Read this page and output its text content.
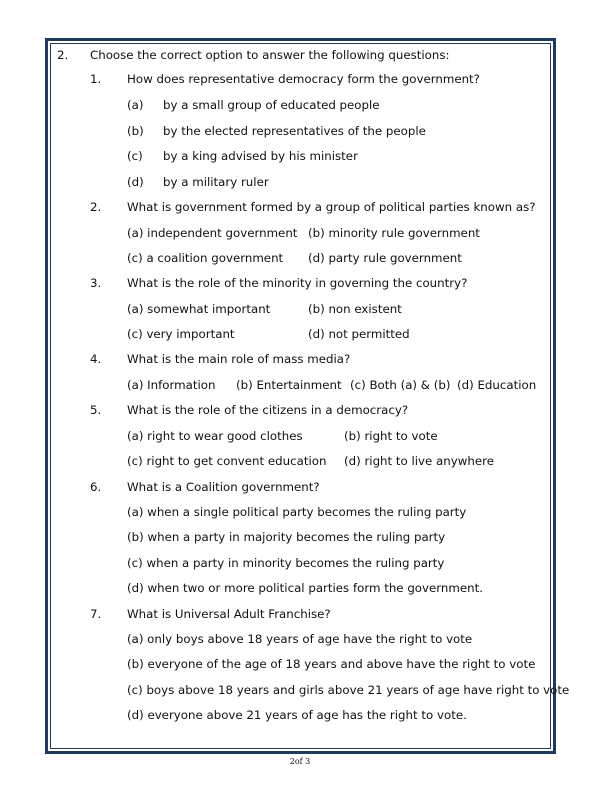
2. Choose the correct option to answer the following questions:
1. How does representative democracy form the government?
(a) by a small group of educated people
(b) by the elected representatives of the people
(c) by a king advised by his minister
(d) by a military ruler
2. What is government formed by a group of political parties known as?
(a) independent government (b) minority rule government
(c) a coalition government (d) party rule government
3. What is the role of the minority in governing the country?
(a) somewhat important	(b) non existent
(c) very important	(d) not permitted
4. What is the main role of mass media?
(a) Information (b) Entertainment (c) Both (a) & (b) (d) Education
5. What is the role of the citizens in a democracy?
(a) right to wear good clothes	(b) right to vote
(c) right to get convent education (d) right to live anywhere
6. What is a Coalition government?
(a) when a single political party becomes the ruling party
(b) when a party in majority becomes the ruling party
(c) when a party in minority becomes the ruling party
(d) when two or more political parties form the government.
7. What is Universal Adult Franchise?
(a) only boys above 18 years of age have the right to vote
(b) everyone of the age of 18 years and above have the right to vote
(c) boys above 18 years and girls above 21 years of age have right to vote
(d) everyone above 21 years of age has the right to vote.
2of 3
